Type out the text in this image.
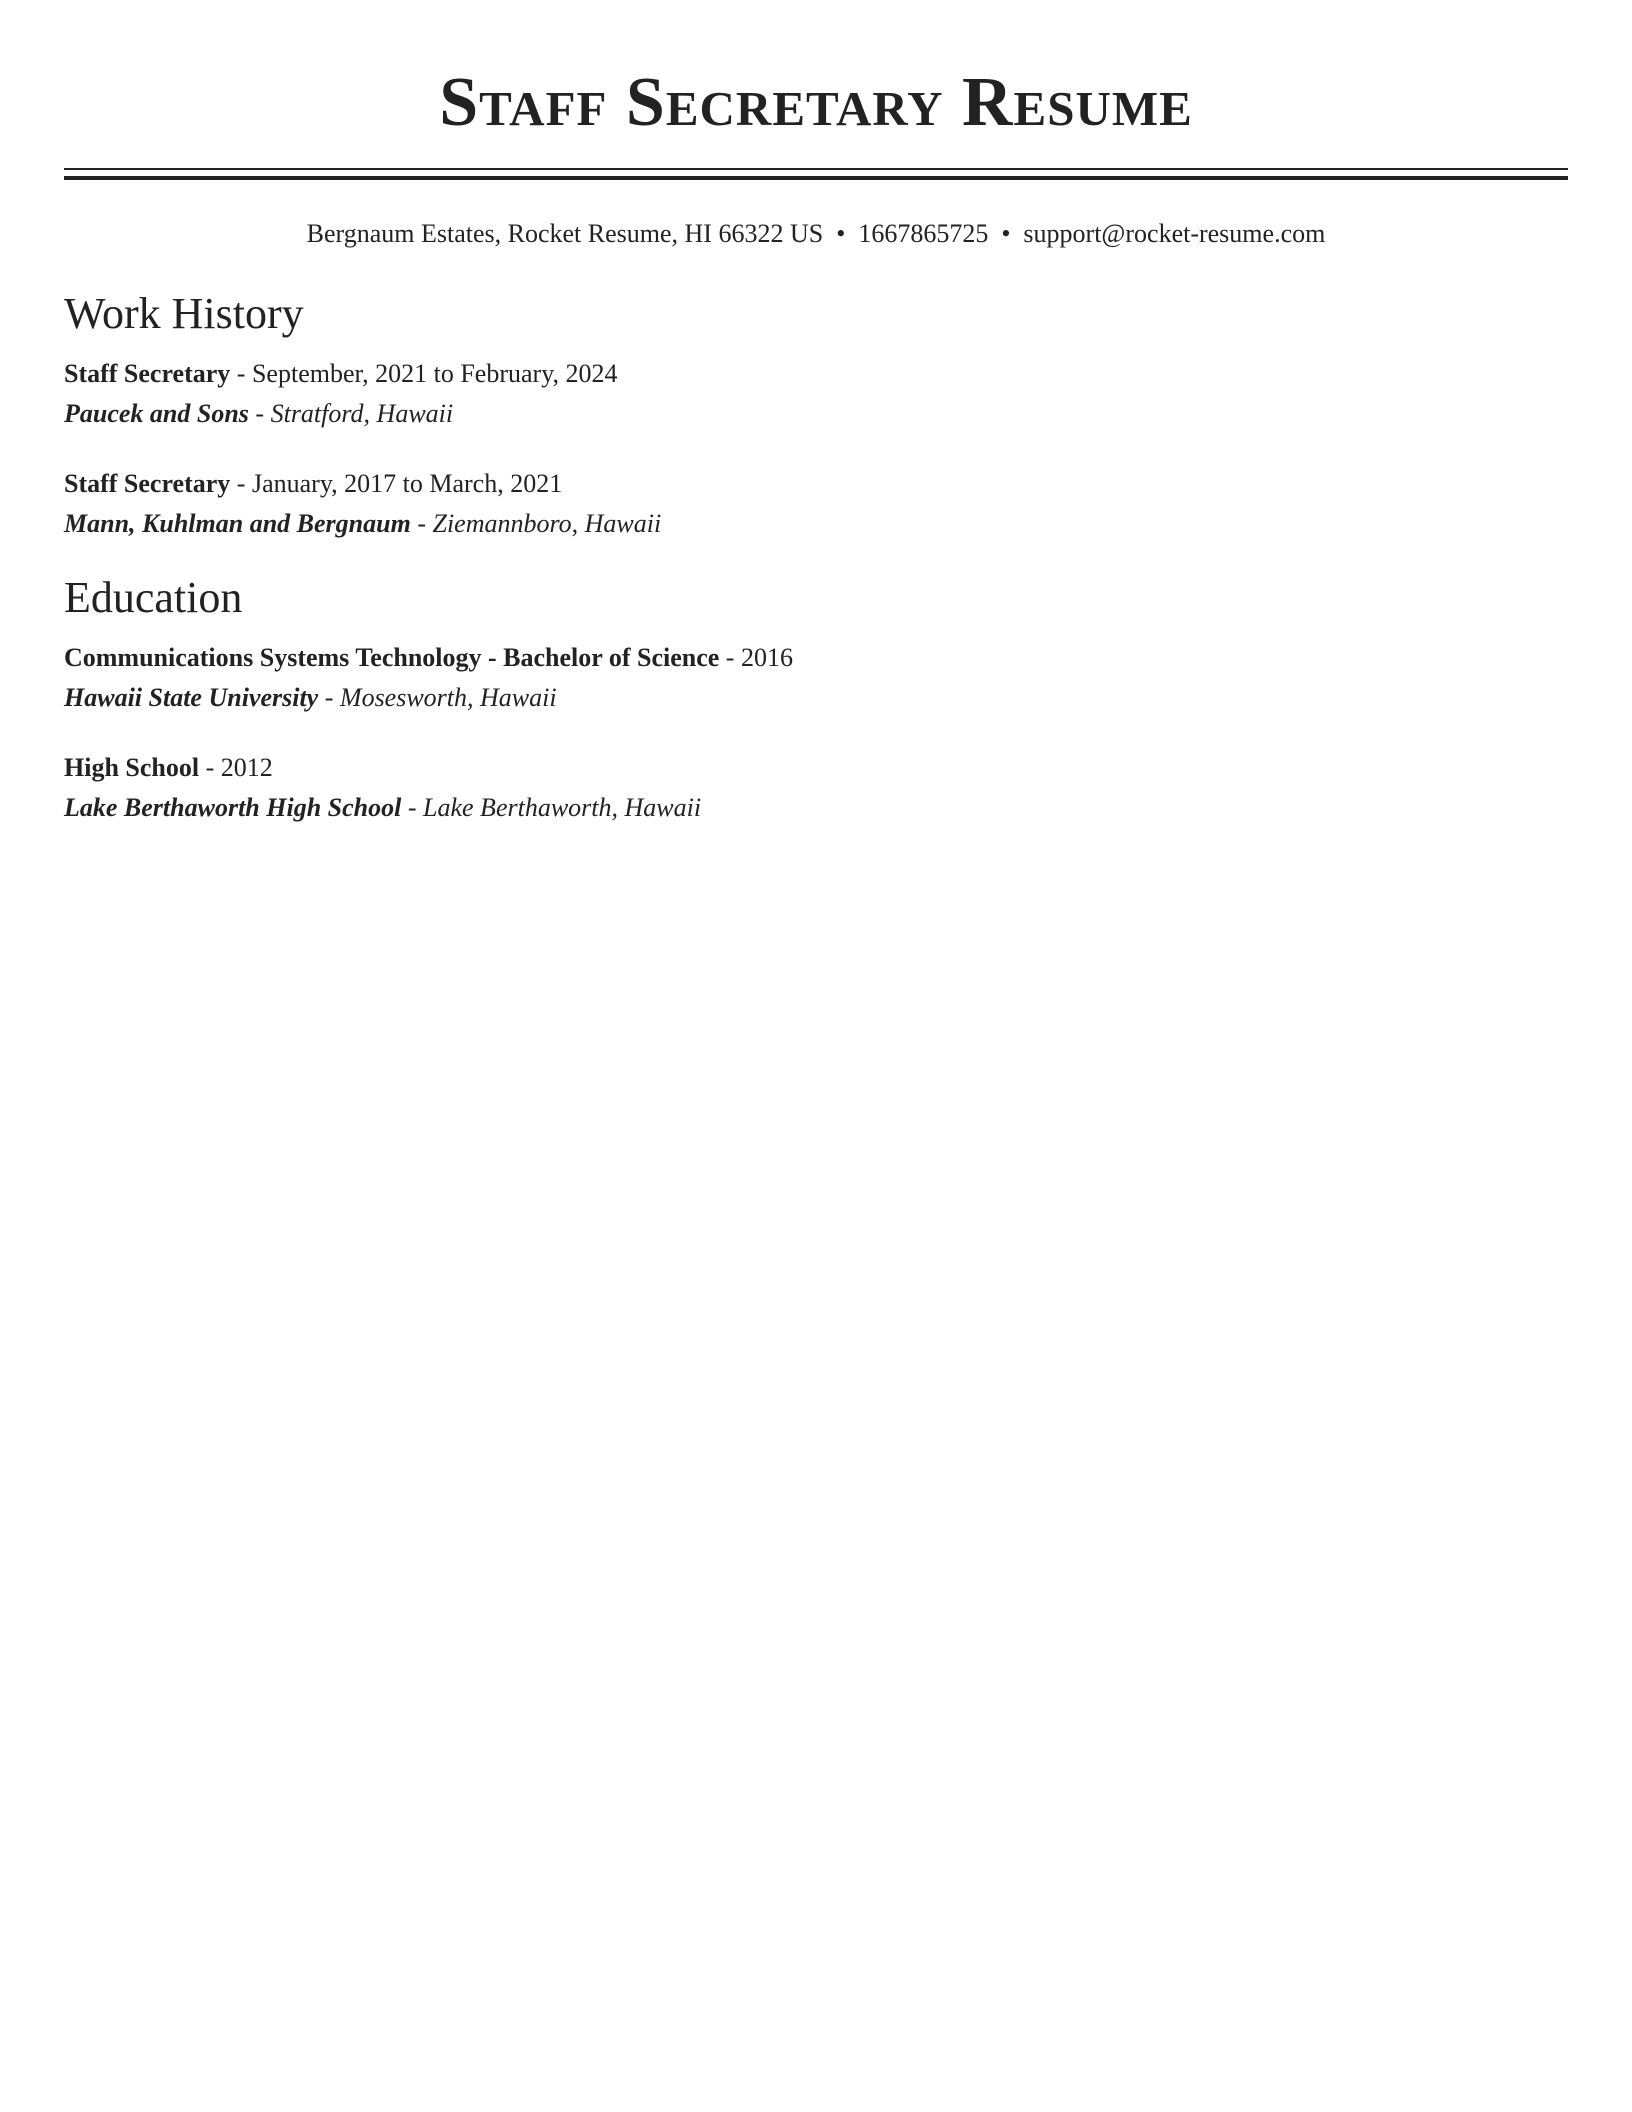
Staff Secretary Resume
Bergnaum Estates, Rocket Resume, HI 66322 US • 1667865725 • support@rocket-resume.com
Work History
Staff Secretary - September, 2021 to February, 2024
Paucek and Sons - Stratford, Hawaii
Staff Secretary - January, 2017 to March, 2021
Mann, Kuhlman and Bergnaum - Ziemannboro, Hawaii
Education
Communications Systems Technology - Bachelor of Science - 2016
Hawaii State University - Mosesworth, Hawaii
High School - 2012
Lake Berthaworth High School - Lake Berthaworth, Hawaii
